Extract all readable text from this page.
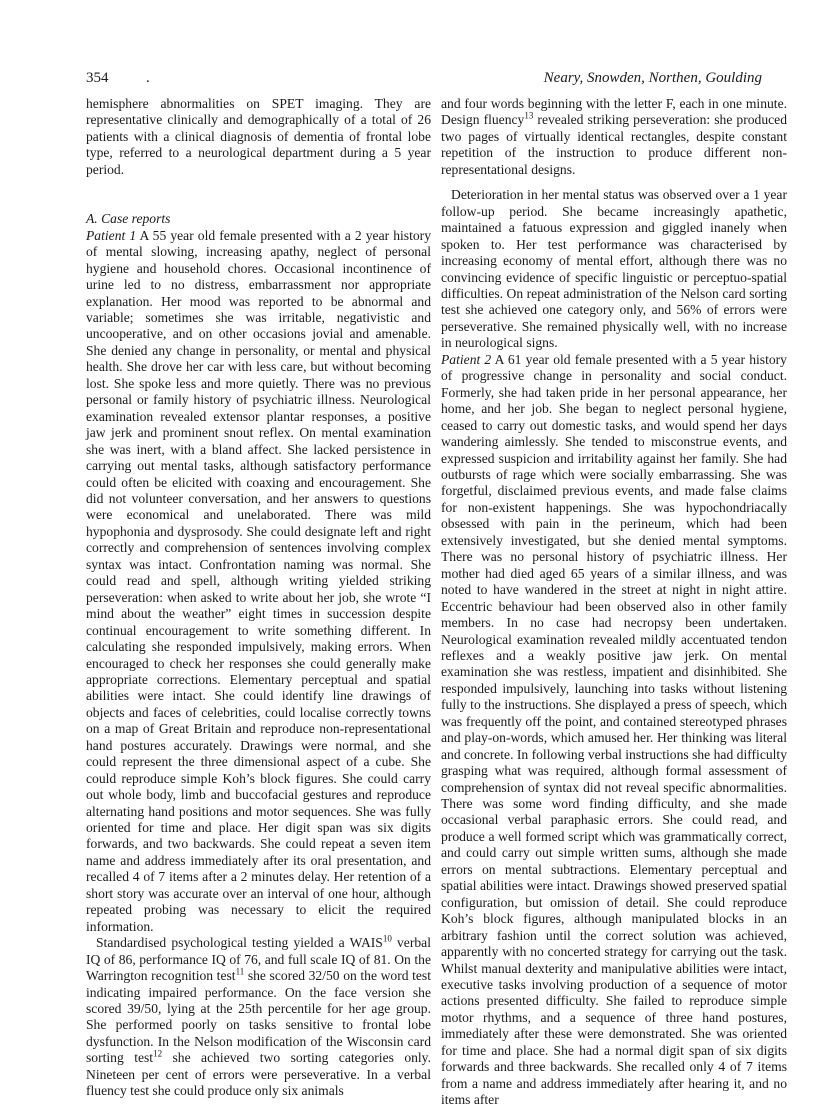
354	.	Neary, Snowden, Northen, Goulding

hemisphere abnormalities on SPET imaging. They are representative clinically and demographically of a total of 26 patients with a clinical diagnosis of dementia of frontal lobe type, referred to a neurological department during a 5 year period.

A. Case reports

Patient 1 A 55 year old female presented with a 2 year history of mental slowing, increasing apathy, neglect of personal hygiene and household chores. Occasional incontinence of urine led to no distress, embarrassment nor appropriate explanation. Her mood was reported to be abnormal and variable; sometimes she was irritable, negativistic and uncooperative, and on other occasions jovial and amenable. She denied any change in personality, or mental and physical health. She drove her car with less care, but without becoming lost. She spoke less and more quietly. There was no previous personal or family history of psychiatric illness. Neurological examination revealed extensor plantar responses, a positive jaw jerk and prominent snout reflex. On mental examination she was inert, with a bland affect. She lacked persistence in carrying out mental tasks, although satisfactory performance could often be elicited with coaxing and encouragement. She did not volunteer conversation, and her answers to questions were economical and unelaborated. There was mild hypophonia and dysprosody. She could designate left and right correctly and comprehension of sentences involving complex syntax was intact. Confrontation naming was normal. She could read and spell, although writing yielded striking perseveration: when asked to write about her job, she wrote “I mind about the weather” eight times in succession despite continual encouragement to write something different. In calculating she responded impulsively, making errors. When encouraged to check her responses she could generally make appropriate corrections. Elementary perceptual and spatial abilities were intact. She could identify line drawings of objects and faces of celebrities, could localise correctly towns on a map of Great Britain and reproduce non-representational hand postures accurately. Drawings were normal, and she could represent the three dimensional aspect of a cube. She could reproduce simple Koh’s block figures. She could carry out whole body, limb and buccofacial gestures and reproduce alternating hand positions and motor sequences. She was fully oriented for time and place. Her digit span was six digits forwards, and two backwards. She could repeat a seven item name and address immediately after its oral presentation, and recalled 4 of 7 items after a 2 minutes delay. Her retention of a short story was accurate over an interval of one hour, although repeated probing was necessary to elicit the required information.

Standardised psychological testing yielded a WAIS$^{10}$ verbal IQ of 86, performance IQ of 76, and full scale IQ of 81. On the Warrington recognition test$^{11}$ she scored 32/50 on the word test indicating impaired performance. On the face version she scored 39/50, lying at the 25th percentile for her age group. She performed poorly on tasks sensitive to frontal lobe dysfunction. In the Nelson modification of the Wisconsin card sorting test$^{12}$ she achieved two sorting categories only. Nineteen per cent of errors were perseverative. In a verbal fluency test she could produce only six animals

and four words beginning with the letter F, each in one minute. Design fluency$^{13}$ revealed striking perseveration: she produced two pages of virtually identical rectangles, despite constant repetition of the instruction to produce different non-representational designs.

Deterioration in her mental status was observed over a 1 year follow-up period. She became increasingly apathetic, maintained a fatuous expression and giggled inanely when spoken to. Her test performance was characterised by increasing economy of mental effort, although there was no convincing evidence of specific linguistic or perceptuo-spatial difficulties. On repeat administration of the Nelson card sorting test she achieved one category only, and 56% of errors were perseverative. She remained physically well, with no increase in neurological signs.

Patient 2 A 61 year old female presented with a 5 year history of progressive change in personality and social conduct. Formerly, she had taken pride in her personal appearance, her home, and her job. She began to neglect personal hygiene, ceased to carry out domestic tasks, and would spend her days wandering aimlessly. She tended to misconstrue events, and expressed suspicion and irritability against her family. She had outbursts of rage which were socially embarrassing. She was forgetful, disclaimed previous events, and made false claims for non-existent happenings. She was hypochondriacally obsessed with pain in the perineum, which had been extensively investigated, but she denied mental symptoms. There was no personal history of psychiatric illness. Her mother had died aged 65 years of a similar illness, and was noted to have wandered in the street at night in night attire. Eccentric behaviour had been observed also in other family members. In no case had necropsy been undertaken. Neurological examination revealed mildly accentuated tendon reflexes and a weakly positive jaw jerk. On mental examination she was restless, impatient and disinhibited. She responded impulsively, launching into tasks without listening fully to the instructions. She displayed a press of speech, which was frequently off the point, and contained stereotyped phrases and play-on-words, which amused her. Her thinking was literal and concrete. In following verbal instructions she had difficulty grasping what was required, although formal assessment of comprehension of syntax did not reveal specific abnormalities. There was some word finding difficulty, and she made occasional verbal paraphasic errors. She could read, and produce a well formed script which was grammatically correct, and could carry out simple written sums, although she made errors on mental subtractions. Elementary perceptual and spatial abilities were intact. Drawings showed preserved spatial configuration, but omission of detail. She could reproduce Koh’s block figures, although manipulated blocks in an arbitrary fashion until the correct solution was achieved, apparently with no concerted strategy for carrying out the task. Whilst manual dexterity and manipulative abilities were intact, executive tasks involving production of a sequence of motor actions presented difficulty. She failed to reproduce simple motor rhythms, and a sequence of three hand postures, immediately after these were demonstrated. She was oriented for time and place. She had a normal digit span of six digits forwards and three backwards. She recalled only 4 of 7 items from a name and address immediately after hearing it, and no items after
